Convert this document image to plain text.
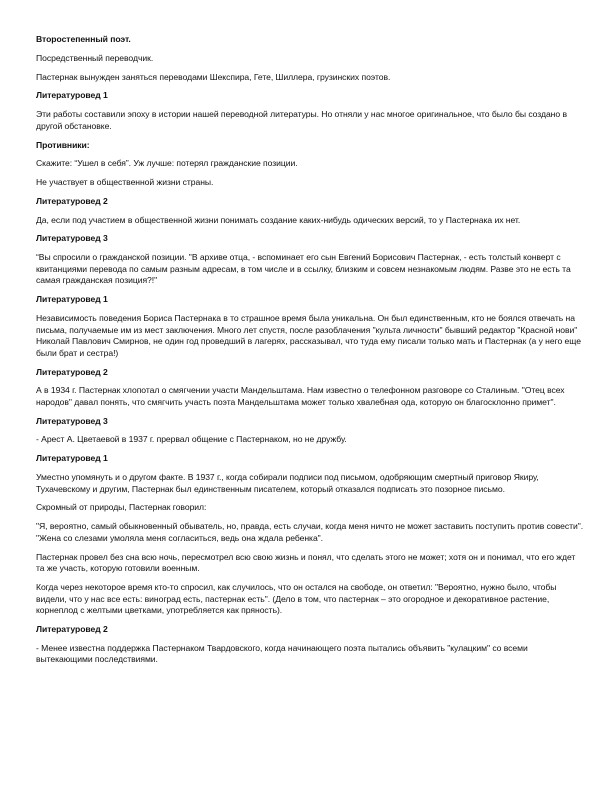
Второстепенный поэт.

Посредственный переводчик.

Пастернак вынужден заняться переводами Шекспира, Гете, Шиллера, грузинских поэтов.

Литературовед 1

Эти работы составили эпоху в истории нашей переводной литературы. Но отняли у нас многое оригинальное, что было бы создано в другой обстановке.

Противники:

Скажите: “Ушел в себя”. Уж лучше: потерял гражданские позиции.

Не участвует в общественной жизни страны.

Литературовед 2

Да, если под участием в общественной жизни понимать создание каких-нибудь одических версий, то у Пастернака их нет.

Литературовед 3

“Вы спросили о гражданской позиции. "В архиве отца, - вспоминает его сын Евгений Борисович Пастернак, - есть толстый конверт с квитанциями перевода по самым разным адресам, в том числе и в ссылку, близким и совсем незнакомым людям. Разве это не есть та самая гражданская позиция?!"

Литературовед 1

Независимость поведения Бориса Пастернака в то страшное время была уникальна. Он был единственным, кто не боялся отвечать на письма, получаемые им из мест заключения. Много лет спустя, после разоблачения "культа личности" бывший редактор "Красной нови" Николай Павлович Смирнов, не один год проведший в лагерях, рассказывал, что туда ему писали только мать и Пастернак (а у него еще были брат и сестра!)

Литературовед 2

А в 1934 г. Пастернак хлопотал о смягчении участи Мандельштама. Нам известно о телефонном разговоре со Сталиным. "Отец всех народов" давал понять, что смягчить участь поэта Мандельштама может только хвалебная ода, которую он благосклонно примет".

Литературовед 3

- Арест А. Цветаевой в 1937 г. прервал общение с Пастернаком, но не дружбу.

Литературовед 1

Уместно упомянуть и о другом факте. В 1937 г., когда собирали подписи под письмом, одобряющим смертный приговор Якиру, Тухачевскому и другим, Пастернак был единственным писателем, который отказался подписать это позорное письмо.

Скромный от природы, Пастернак говорил:

"Я, вероятно, самый обыкновенный обыватель, но, правда, есть случаи, когда меня ничто не может заставить поступить против совести".

"Жена со слезами умоляла меня согласиться, ведь она ждала ребенка".

Пастернак провел без сна всю ночь, пересмотрел всю свою жизнь и понял, что сделать этого не может; хотя он и понимал, что его ждет та же участь, которую готовили военным.

Когда через некоторое время кто-то спросил, как случилось, что он остался на свободе, он ответил: "Вероятно, нужно было, чтобы видели, что у нас все есть: виноград есть, пастернак есть". (Дело в том, что пастернак – это огородное и декоративное растение, корнеплод с желтыми цветками, употребляется как пряность).

Литературовед 2

- Менее известна поддержка Пастернаком Твардовского, когда начинающего поэта пытались объявить "кулацким" со всеми вытекающими последствиями.
